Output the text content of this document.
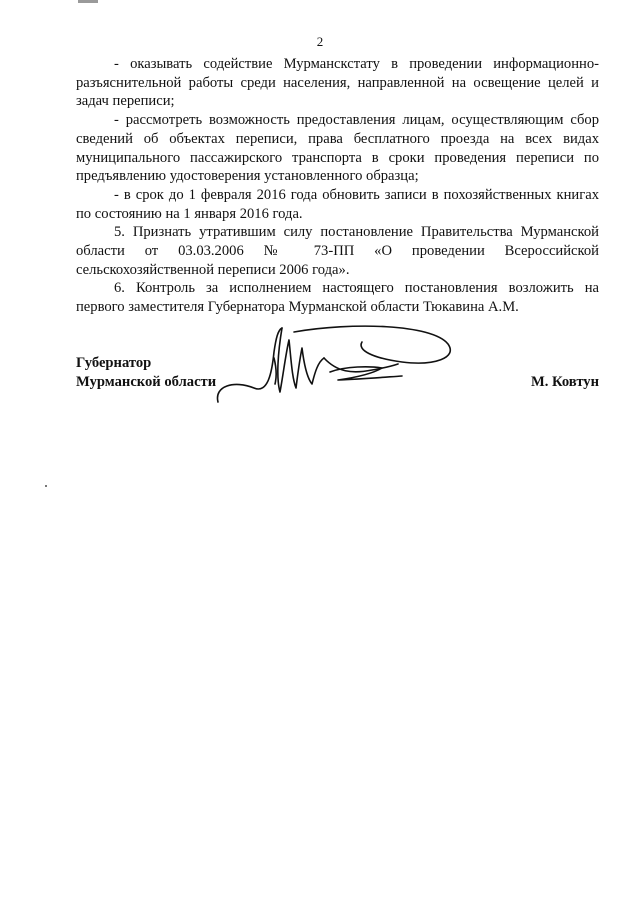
2

- оказывать содействие Мурманскстату в проведении информационно-разъяснительной работы среди населения, направленной на освещение целей и задач переписи;

- рассмотреть возможность предоставления лицам, осуществляющим сбор сведений об объектах переписи, права бесплатного проезда на всех видах муниципального пассажирского транспорта в сроки проведения переписи по предъявлению удостоверения установленного образца;

- в срок до 1 февраля 2016 года обновить записи в похозяйственных книгах по состоянию на 1 января 2016 года.

5. Признать утратившим силу постановление Правительства Мурманской области от 03.03.2006 № 73-ПП «О проведении Всероссийской сельскохозяйственной переписи 2006 года».

6. Контроль за исполнением настоящего постановления возложить на первого заместителя Губернатора Мурманской области Тюкавина А.М.

Губернатор
Мурманской области	М. Ковтун
